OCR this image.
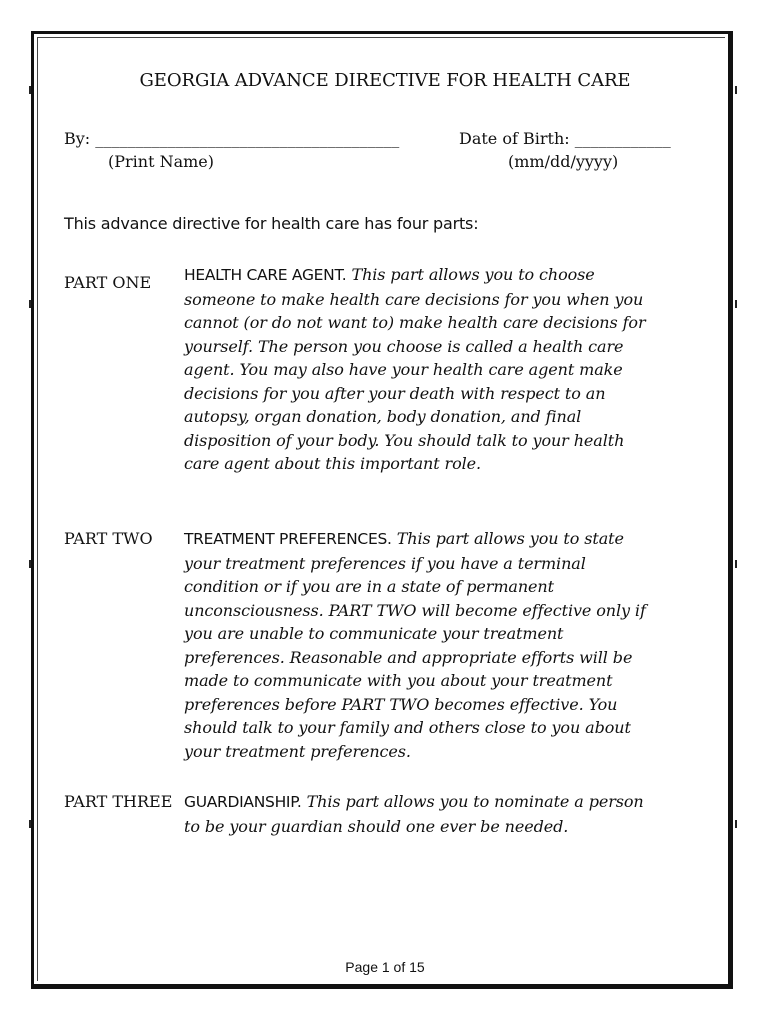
GEORGIA ADVANCE DIRECTIVE FOR HEALTH CARE
By: ______________________________________	Date of Birth: ____________
(Print Name)	(mm/dd/yyyy)
This advance directive for health care has four parts:
PART ONE	HEALTH CARE AGENT. This part allows you to choose someone to make health care decisions for you when you cannot (or do not want to) make health care decisions for yourself. The person you choose is called a health care agent. You may also have your health care agent make decisions for you after your death with respect to an autopsy, organ donation, body donation, and final disposition of your body. You should talk to your health care agent about this important role.
PART TWO	TREATMENT PREFERENCES. This part allows you to state your treatment preferences if you have a terminal condition or if you are in a state of permanent unconsciousness. PART TWO will become effective only if you are unable to communicate your treatment preferences. Reasonable and appropriate efforts will be made to communicate with you about your treatment preferences before PART TWO becomes effective. You should talk to your family and others close to you about your treatment preferences.
PART THREE GUARDIANSHIP. This part allows you to nominate a person to be your guardian should one ever be needed.
Page 1 of 15
